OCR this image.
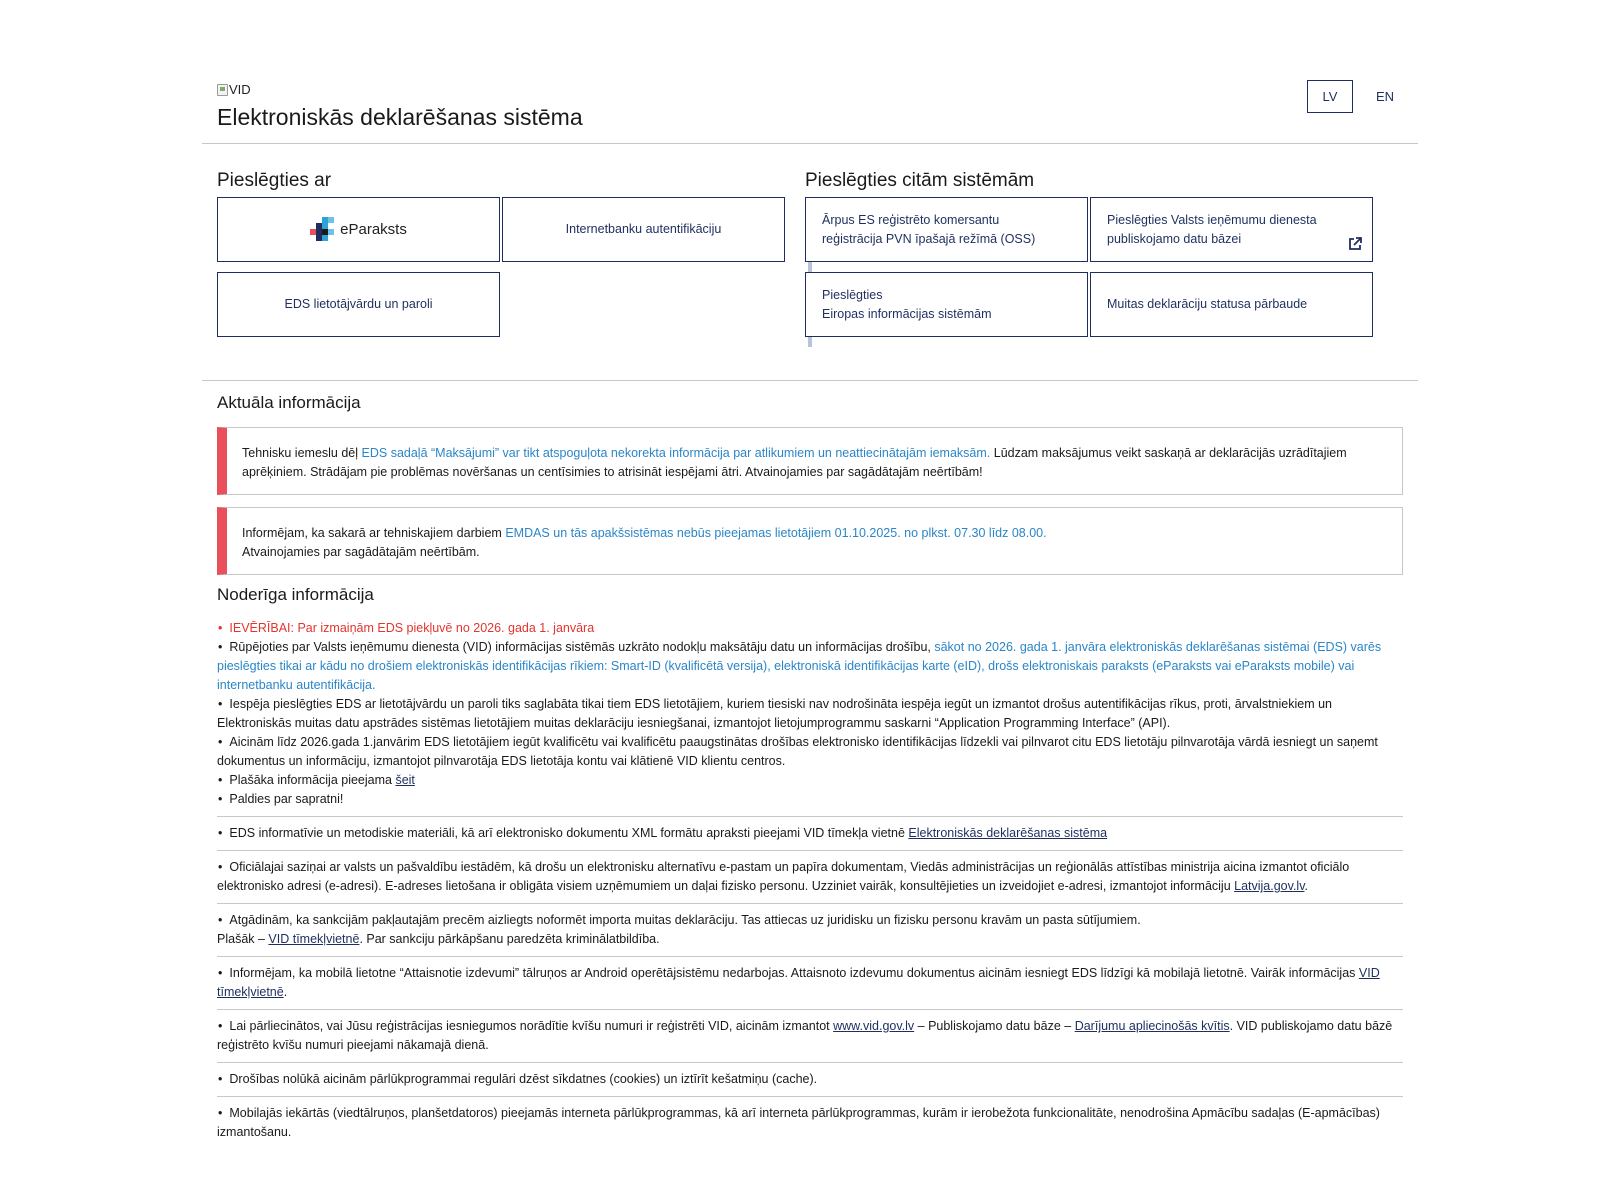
VID
Elektroniskās deklarēšanas sistēma
LV	EN
Pieslēgties ar	Pieslēgties citām sistēmām
eParaksts	Internetbanku autentifikāciju
EDS lietotājvārdu un paroli
Ārpus ES reģistrēto komersantu
reģistrācija PVN īpašajā režīmā (OSS)
Pieslēgties Valsts ieņēmumu dienesta
publiskojamo datu bāzei
Pieslēgties
Eiropas informācijas sistēmām
Muitas deklarāciju statusa pārbaude
Aktuāla informācija
Tehnisku iemeslu dēļ EDS sadaļā “Maksājumi” var tikt atspoguļota nekorekta informācija par atlikumiem un neattiecinātajām iemaksām. Lūdzam maksājumus veikt saskaņā ar deklarācijās uzrādītajiem aprēķiniem. Strādājam pie problēmas novēršanas un centīsimies to atrisināt iespējami ātri. Atvainojamies par sagādātajām neērtībām!
Informējam, ka sakarā ar tehniskajiem darbiem EMDAS un tās apakšsistēmas nebūs pieejamas lietotājiem 01.10.2025. no plkst. 07.30 līdz 08.00.
Atvainojamies par sagādātajām neērtībām.
Noderīga informācija

• IEVĒRĪBAI: Par izmaiņām EDS piekļuvē no 2026. gada 1. janvāra

• Rūpējoties par Valsts ieņēmumu dienesta (VID) informācijas sistēmās uzkrāto nodokļu maksātāju datu un informācijas drošību, sākot no 2026. gada 1. janvāra elektroniskās deklarēšanas sistēmai (EDS) varēs pieslēgties tikai ar kādu no drošiem elektroniskās identifikācijas rīkiem: Smart-ID (kvalificētā versija), elektroniskā identifikācijas karte (eID), drošs elektroniskais paraksts (eParaksts vai eParaksts mobile) vai internetbanku autentifikācija.

• Iespēja pieslēgties EDS ar lietotājvārdu un paroli tiks saglabāta tikai tiem EDS lietotājiem, kuriem tiesiski nav nodrošināta iespēja iegūt un izmantot drošus autentifikācijas rīkus, proti, ārvalstniekiem un Elektroniskās muitas datu apstrādes sistēmas lietotājiem muitas deklarāciju iesniegšanai, izmantojot lietojumprogrammu saskarni “Application Programming Interface” (API).

• Aicinām līdz 2026.gada 1.janvārim EDS lietotājiem iegūt kvalificētu vai kvalificētu paaugstinātas drošības elektronisko identifikācijas līdzekli vai pilnvarot citu EDS lietotāju pilnvarotāja vārdā iesniegt un saņemt dokumentus un informāciju, izmantojot pilnvarotāja EDS lietotāja kontu vai klātienē VID klientu centros.

• Plašāka informācija pieejama šeit

• Paldies par sapratni!

• EDS informatīvie un metodiskie materiāli, kā arī elektronisko dokumentu XML formātu apraksti pieejami VID tīmekļa vietnē Elektroniskās deklarēšanas sistēma
• Oficiālajai saziņai ar valsts un pašvaldību iestādēm, kā drošu un elektronisku alternatīvu e-pastam un papīra dokumentam, Viedās administrācijas un reģionālās attīstības ministrija aicina izmantot oficiālo elektronisko adresi (e-adresi). E-adreses lietošana ir obligāta visiem uzņēmumiem un daļai fizisko personu. Uzziniet vairāk, konsultējieties un izveidojiet e-adresi, izmantojot informāciju Latvija.gov.lv.
• Atgādinām, ka sankcijām pakļautajām precēm aizliegts noformēt importa muitas deklarāciju. Tas attiecas uz juridisku un fizisku personu kravām un pasta sūtījumiem.
Plašāk – VID tīmekļvietnē. Par sankciju pārkāpšanu paredzēta kriminālatbildība.
• Informējam, ka mobilā lietotne “Attaisnotie izdevumi” tālruņos ar Android operētājsistēmu nedarbojas. Attaisnoto izdevumu dokumentus aicinām iesniegt EDS līdzīgi kā mobilajā lietotnē. Vairāk informācijas VID tīmekļvietnē.
• Lai pārliecinātos, vai Jūsu reģistrācijas iesniegumos norādītie kvīšu numuri ir reģistrēti VID, aicinām izmantot www.vid.gov.lv – Publiskojamo datu bāze – Darījumu apliecinošās kvītis. VID publiskojamo datu bāzē reģistrēto kvīšu numuri pieejami nākamajā dienā.
• Drošības nolūkā aicinām pārlūkprogrammai regulāri dzēst sīkdatnes (cookies) un iztīrīt kešatmiņu (cache).
• Mobilajās iekārtās (viedtālruņos, planšetdatoros) pieejamās interneta pārlūkprogrammas, kā arī interneta pārlūkprogrammas, kurām ir ierobežota funkcionalitāte, nenodrošina Apmācību sadaļas (E-apmācības) izmantošanu.
